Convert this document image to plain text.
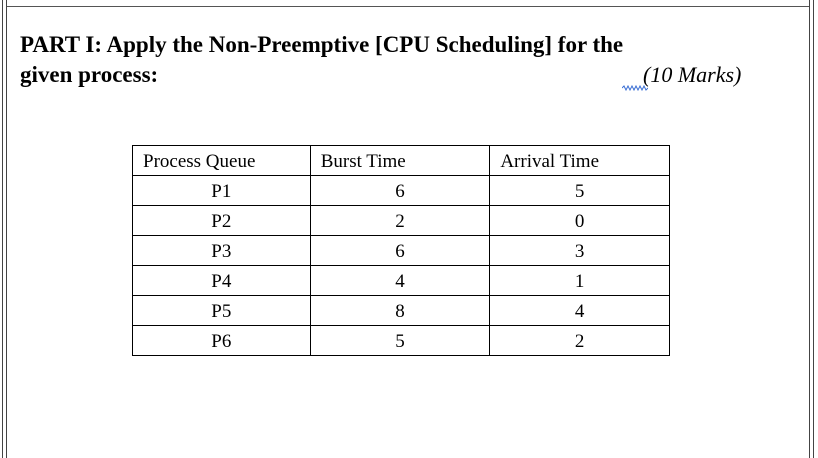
PART I: Apply the Non-Preemptive [CPU Scheduling] for the
given process:	(10 Marks)
Process Queue	Burst Time	Arrival Time
P1	6	5
P2	2	0
P3	6	3
P4	4	1
P5	8	4
P6	5	2
